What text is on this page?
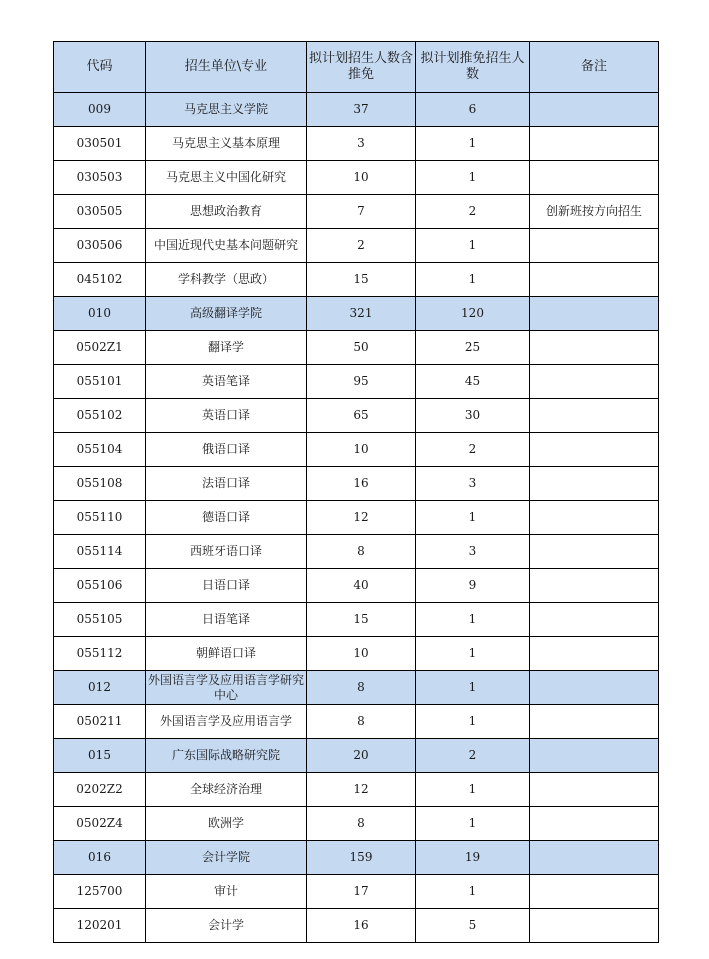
代码	招生单位\专业	拟计划招生人数含推免	拟计划推免招生人数	备注
009	马克思主义学院	37	6	
030501	马克思主义基本原理	3	1	
030503	马克思主义中国化研究	10	1	
030505	思想政治教育	7	2	创新班按方向招生
030506	中国近现代史基本问题研究	2	1	
045102	学科教学（思政）	15	1	
010	高级翻译学院	321	120	
0502Z1	翻译学	50	25	
055101	英语笔译	95	45	
055102	英语口译	65	30	
055104	俄语口译	10	2	
055108	法语口译	16	3	
055110	德语口译	12	1	
055114	西班牙语口译	8	3	
055106	日语口译	40	9	
055105	日语笔译	15	1	
055112	朝鲜语口译	10	1	
012	外国语言学及应用语言学研究中心	8	1	
050211	外国语言学及应用语言学	8	1	
015	广东国际战略研究院	20	2	
0202Z2	全球经济治理	12	1	
0502Z4	欧洲学	8	1	
016	会计学院	159	19	
125700	审计	17	1	
120201	会计学	16	5	
